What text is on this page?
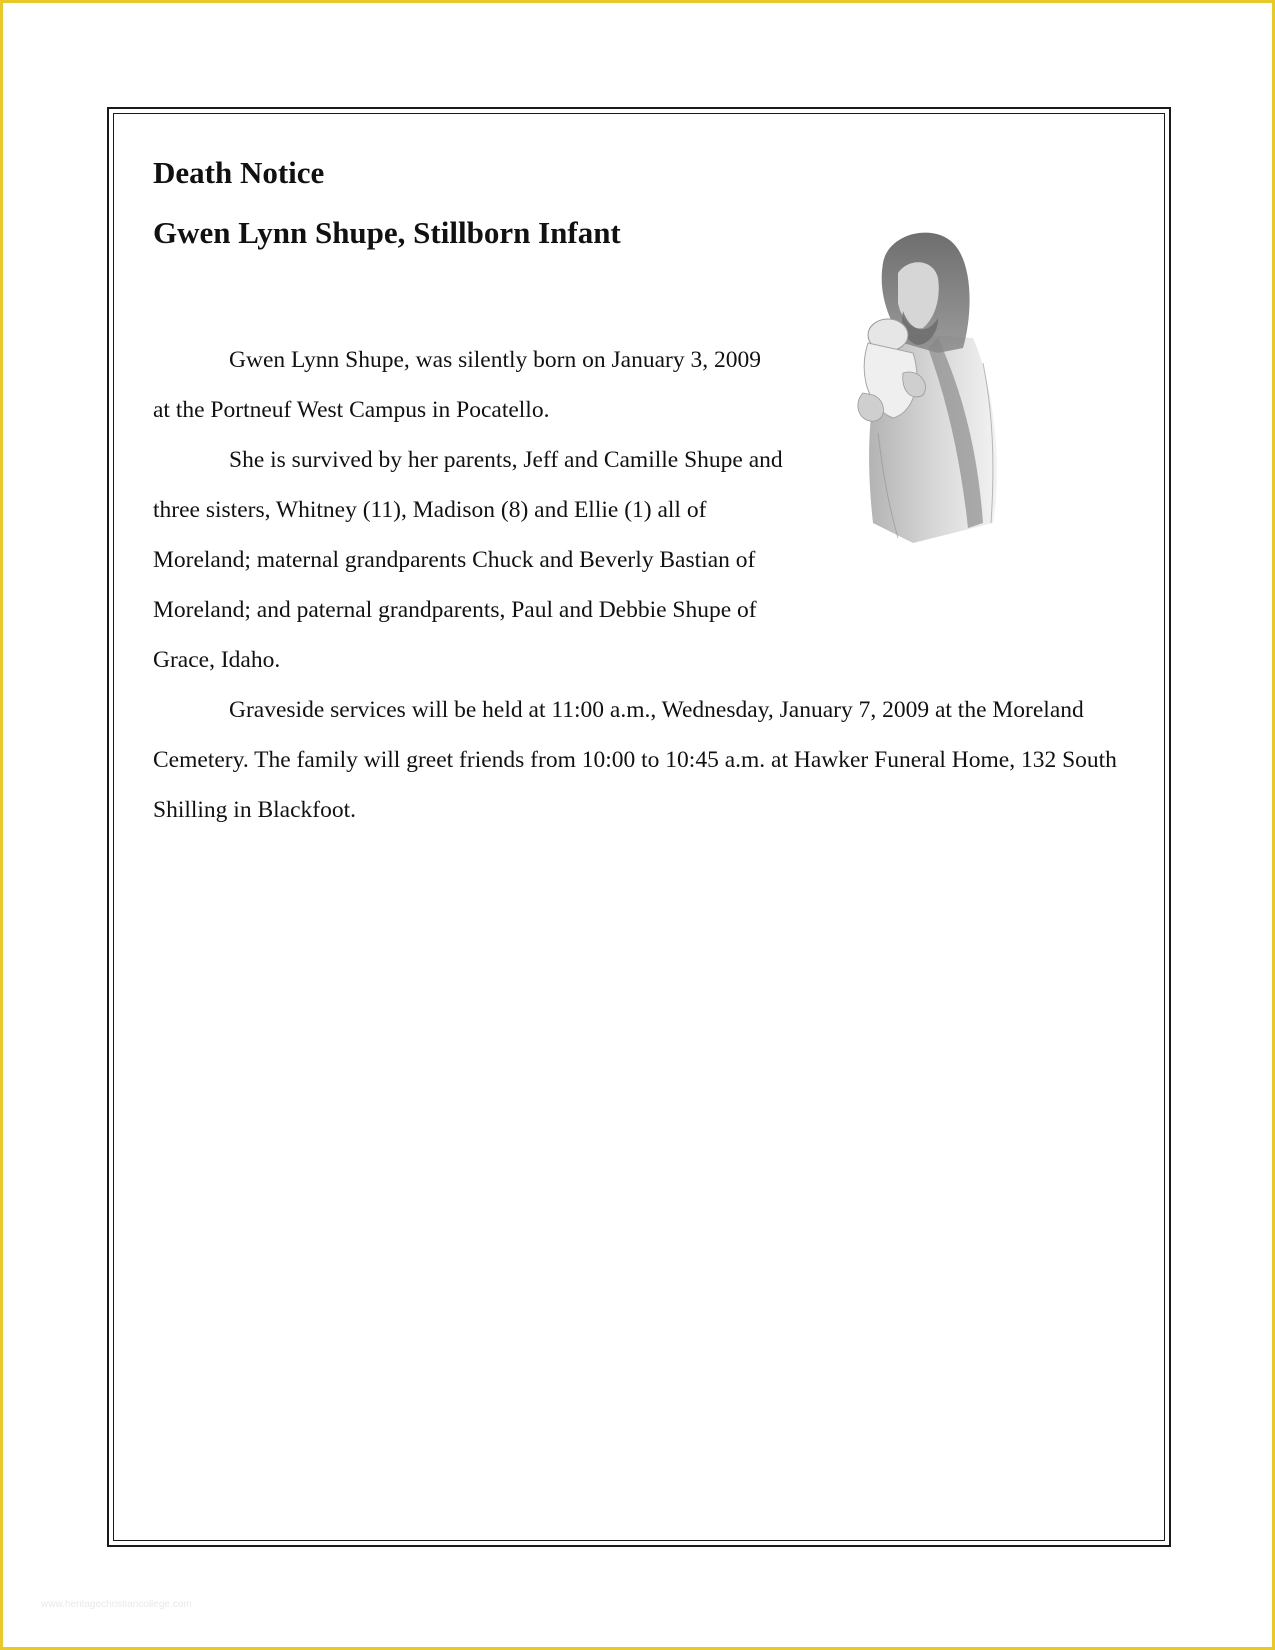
Death Notice
Gwen Lynn Shupe, Stillborn Infant

Gwen Lynn Shupe, was silently born on January 3, 2009 at the Portneuf West Campus in Pocatello.

She is survived by her parents, Jeff and Camille Shupe and three sisters, Whitney (11), Madison (8) and Ellie (1) all of Moreland; maternal grandparents Chuck and Beverly Bastian of Moreland; and paternal grandparents, Paul and Debbie Shupe of Grace, Idaho.

Graveside services will be held at 11:00 a.m., Wednesday, January 7, 2009 at the Moreland Cemetery. The family will greet friends from 10:00 to 10:45 a.m. at Hawker Funeral Home, 132 South Shilling in Blackfoot.

www.heritagechristiancollege.com
